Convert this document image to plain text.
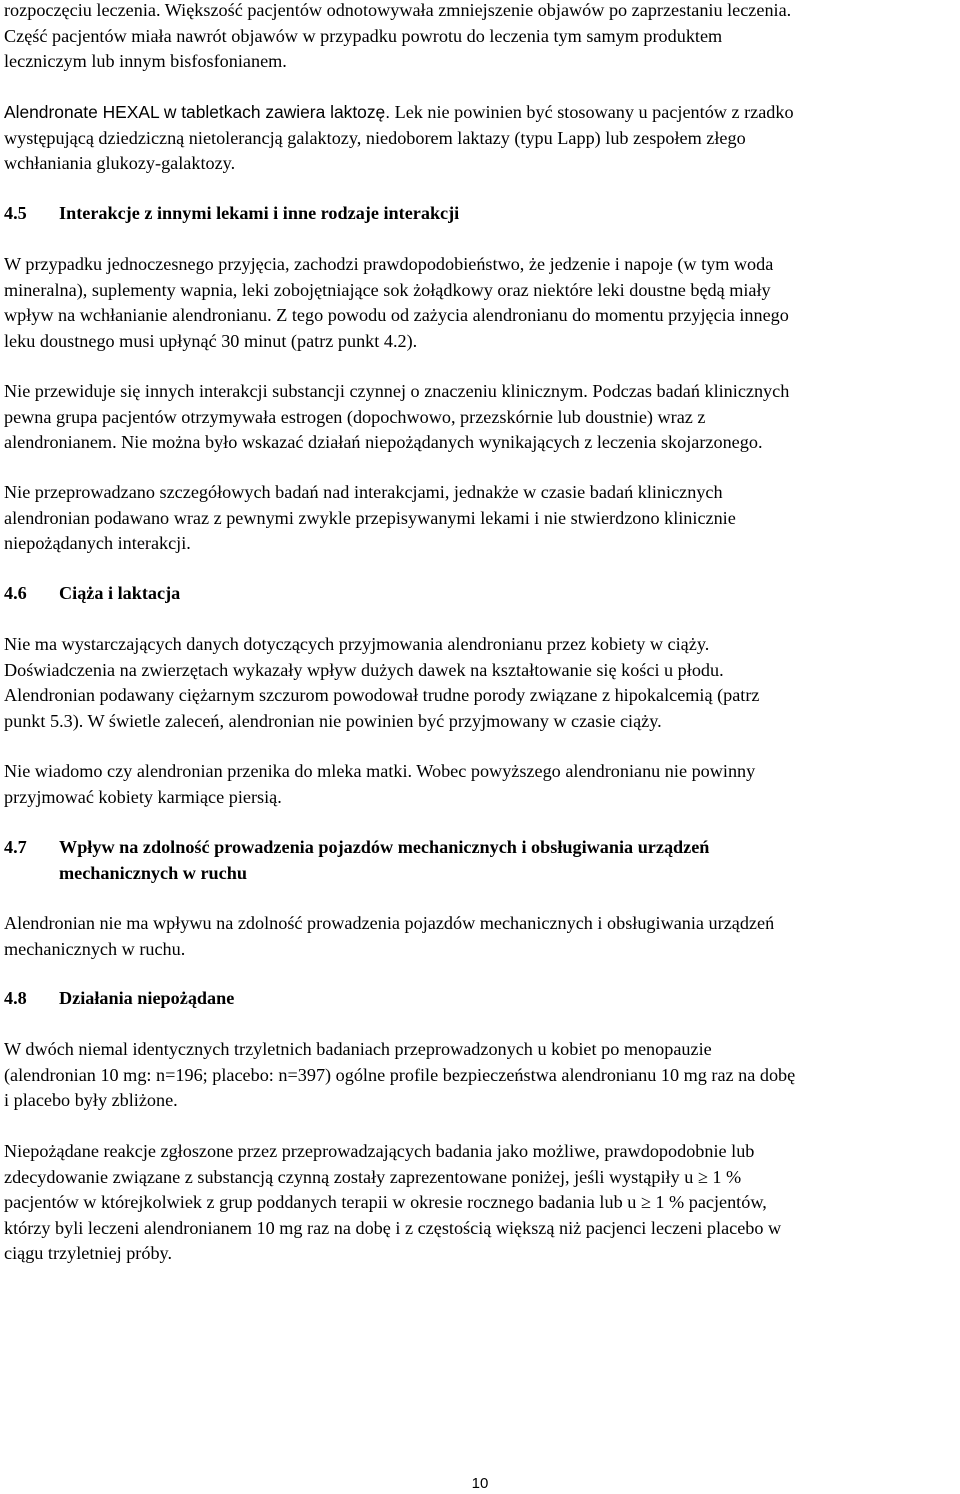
rozpoczęciu leczenia. Większość pacjentów odnotowywała zmniejszenie objawów po zaprzestaniu leczenia.
Część pacjentów miała nawrót objawów w przypadku powrotu do leczenia tym samym produktem
leczniczym lub innym bisfosfonianem.
Alendronate HEXAL w tabletkach zawiera laktozę. Lek nie powinien być stosowany u pacjentów z rzadko
występującą dziedziczną nietolerancją galaktozy, niedoborem laktazy (typu Lapp) lub zespołem złego
wchłaniania glukozy-galaktozy.
4.5 Interakcje z innymi lekami i inne rodzaje interakcji
W przypadku jednoczesnego przyjęcia, zachodzi prawdopodobieństwo, że jedzenie i napoje (w tym woda
mineralna), suplementy wapnia, leki zobojętniające sok żołądkowy oraz niektóre leki doustne będą miały
wpływ na wchłanianie alendronianu. Z tego powodu od zażycia alendronianu do momentu przyjęcia innego
leku doustnego musi upłynąć 30 minut (patrz punkt 4.2).
Nie przewiduje się innych interakcji substancji czynnej o znaczeniu klinicznym. Podczas badań klinicznych
pewna grupa pacjentów otrzymywała estrogen (dopochwowo, przezskórnie lub doustnie) wraz z
alendronianem. Nie można było wskazać działań niepożądanych wynikających z leczenia skojarzonego.
Nie przeprowadzano szczegółowych badań nad interakcjami, jednakże w czasie badań klinicznych
alendronian podawano wraz z pewnymi zwykle przepisywanymi lekami i nie stwierdzono klinicznie
niepożądanych interakcji.
4.6 Ciąża i laktacja
Nie ma wystarczających danych dotyczących przyjmowania alendronianu przez kobiety w ciąży.
Doświadczenia na zwierzętach wykazały wpływ dużych dawek na kształtowanie się kości u płodu.
Alendronian podawany ciężarnym szczurom powodował trudne porody związane z hipokalcemią (patrz
punkt 5.3). W świetle zaleceń, alendronian nie powinien być przyjmowany w czasie ciąży.
Nie wiadomo czy alendronian przenika do mleka matki. Wobec powyższego alendronianu nie powinny
przyjmować kobiety karmiące piersią.
4.7 Wpływ na zdolność prowadzenia pojazdów mechanicznych i obsługiwania urządzeń
mechanicznych w ruchu
Alendronian nie ma wpływu na zdolność prowadzenia pojazdów mechanicznych i obsługiwania urządzeń
mechanicznych w ruchu.
4.8 Działania niepożądane
W dwóch niemal identycznych trzyletnich badaniach przeprowadzonych u kobiet po menopauzie
(alendronian 10 mg: n=196; placebo: n=397) ogólne profile bezpieczeństwa alendronianu 10 mg raz na dobę
i placebo były zbliżone.
Niepożądane reakcje zgłoszone przez przeprowadzających badania jako możliwe, prawdopodobnie lub
zdecydowanie związane z substancją czynną zostały zaprezentowane poniżej, jeśli wystąpiły u ≥ 1 %
pacjentów w którejkolwiek z grup poddanych terapii w okresie rocznego badania lub u ≥ 1 % pacjentów,
którzy byli leczeni alendronianem 10 mg raz na dobę i z częstością większą niż pacjenci leczeni placebo w
ciągu trzyletniej próby.
10
